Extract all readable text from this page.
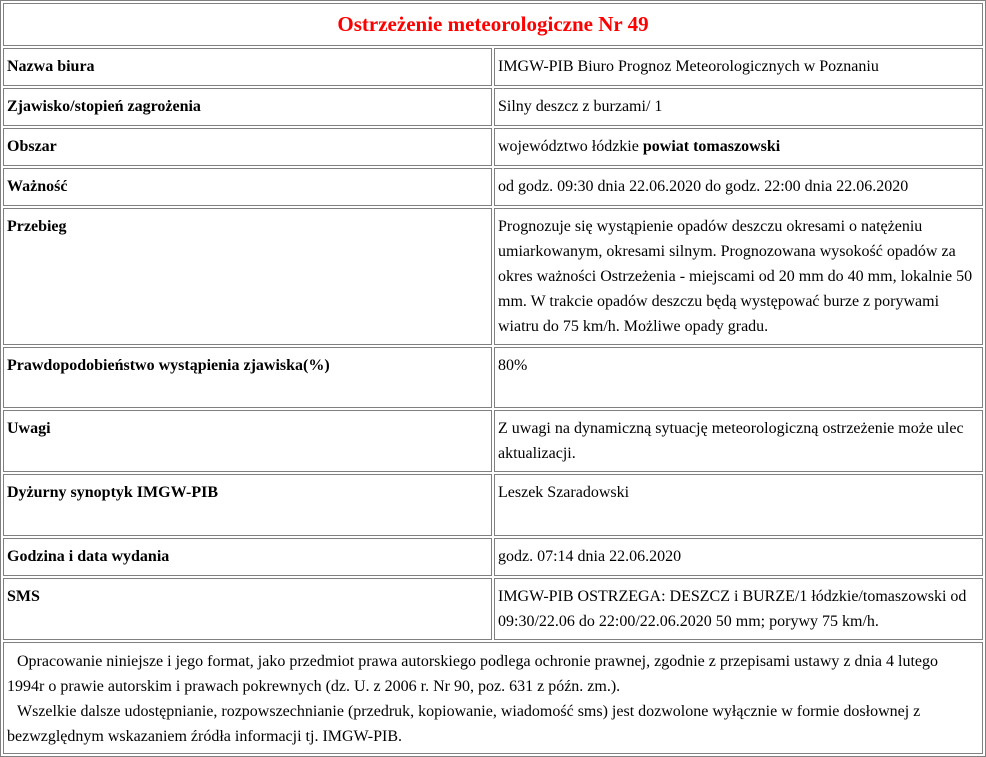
Ostrzeżenie meteorologiczne Nr 49	
Nazwa biura	IMGW-PIB Biuro Prognoz Meteorologicznych w Poznaniu
Zjawisko/stopień zagrożenia	Silny deszcz z burzami/ 1
Obszar	województwo łódzkie powiat tomaszowski
Ważność	od godz. 09:30 dnia 22.06.2020 do godz. 22:00 dnia 22.06.2020
Przebieg	Prognozuje się wystąpienie opadów deszczu okresami o natężeniu umiarkowanym, okresami silnym. Prognozowana wysokość opadów za okres ważności Ostrzeżenia - miejscami od 20 mm do 40 mm, lokalnie 50 mm. W trakcie opadów deszczu będą występować burze z porywami wiatru do 75 km/h. Możliwe opady gradu.
Prawdopodobieństwo wystąpienia zjawiska(%)	80%
Uwagi	Z uwagi na dynamiczną sytuację meteorologiczną ostrzeżenie może ulec aktualizacji.
Dyżurny synoptyk IMGW-PIB	Leszek Szaradowski
Godzina i data wydania	godz. 07:14 dnia 22.06.2020
SMS	IMGW-PIB OSTRZEGA: DESZCZ i BURZE/1 łódzkie/tomaszowski od 09:30/22.06 do 22:00/22.06.2020 50 mm; porywy 75 km/h.

Opracowanie niniejsze i jego format, jako przedmiot prawa autorskiego podlega ochronie prawnej, zgodnie z przepisami ustawy z dnia 4 lutego 1994r o prawie autorskim i prawach pokrewnych (dz. U. z 2006 r. Nr 90, poz. 631 z późn. zm.).
Wszelkie dalsze udostępnianie, rozpowszechnianie (przedruk, kopiowanie, wiadomość sms) jest dozwolone wyłącznie w formie dosłownej z bezwzględnym wskazaniem źródła informacji tj. IMGW-PIB.	
